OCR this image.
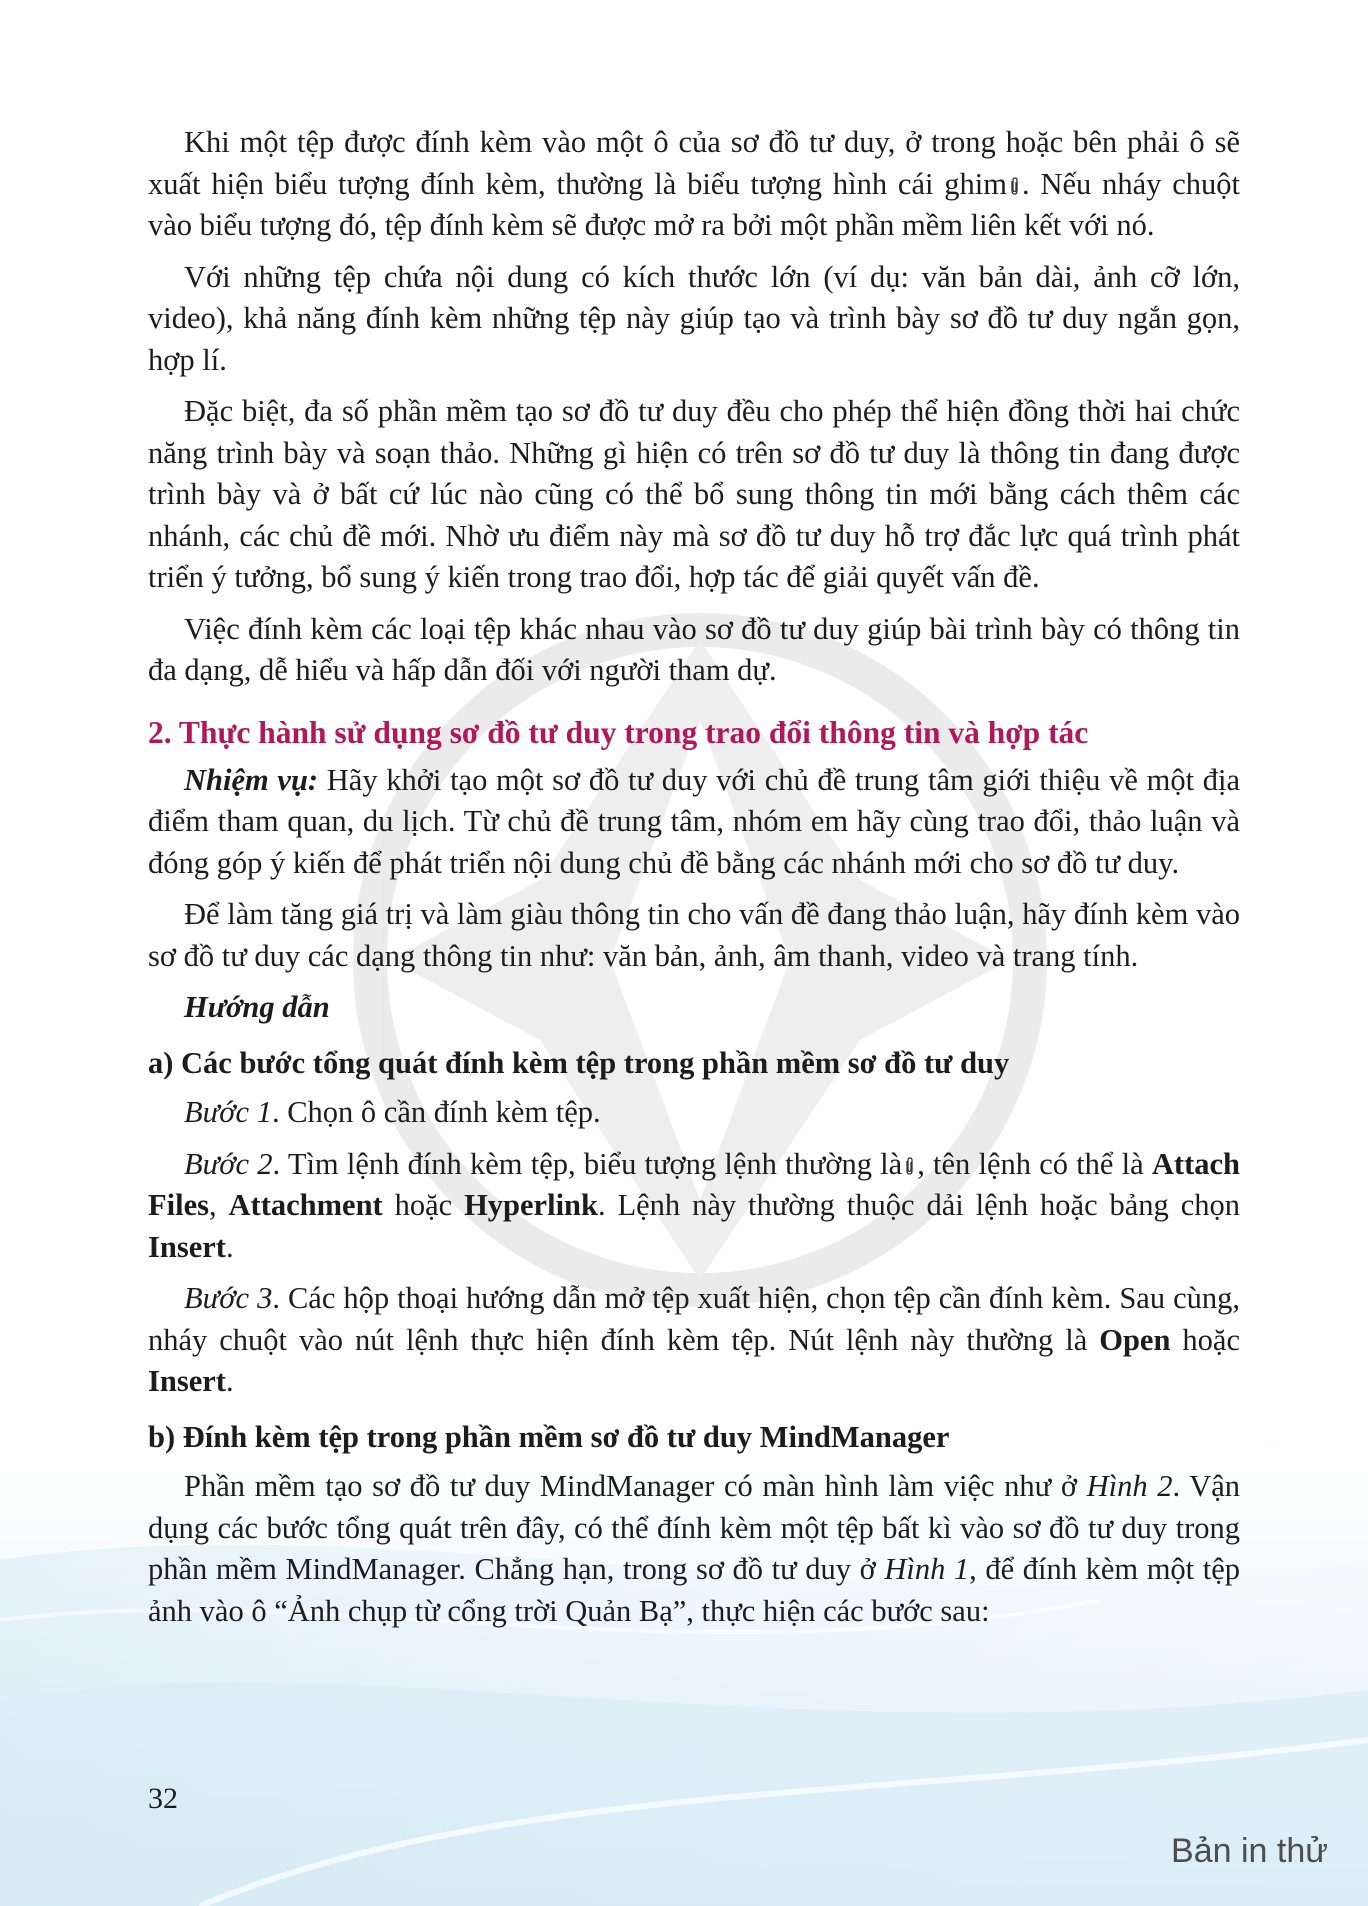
Khi một tệp được đính kèm vào một ô của sơ đồ tư duy, ở trong hoặc bên phải ô sẽ xuất hiện biểu tượng đính kèm, thường là biểu tượng hình cái ghim . Nếu nháy chuột vào biểu tượng đó, tệp đính kèm sẽ được mở ra bởi một phần mềm liên kết với nó.

Với những tệp chứa nội dung có kích thước lớn (ví dụ: văn bản dài, ảnh cỡ lớn, video), khả năng đính kèm những tệp này giúp tạo và trình bày sơ đồ tư duy ngắn gọn, hợp lí.

Đặc biệt, đa số phần mềm tạo sơ đồ tư duy đều cho phép thể hiện đồng thời hai chức năng trình bày và soạn thảo. Những gì hiện có trên sơ đồ tư duy là thông tin đang được trình bày và ở bất cứ lúc nào cũng có thể bổ sung thông tin mới bằng cách thêm các nhánh, các chủ đề mới. Nhờ ưu điểm này mà sơ đồ tư duy hỗ trợ đắc lực quá trình phát triển ý tưởng, bổ sung ý kiến trong trao đổi, hợp tác để giải quyết vấn đề.

Việc đính kèm các loại tệp khác nhau vào sơ đồ tư duy giúp bài trình bày có thông tin đa dạng, dễ hiểu và hấp dẫn đối với người tham dự.

2. Thực hành sử dụng sơ đồ tư duy trong trao đổi thông tin và hợp tác

Nhiệm vụ: Hãy khởi tạo một sơ đồ tư duy với chủ đề trung tâm giới thiệu về một địa điểm tham quan, du lịch. Từ chủ đề trung tâm, nhóm em hãy cùng trao đổi, thảo luận và đóng góp ý kiến để phát triển nội dung chủ đề bằng các nhánh mới cho sơ đồ tư duy.

Để làm tăng giá trị và làm giàu thông tin cho vấn đề đang thảo luận, hãy đính kèm vào sơ đồ tư duy các dạng thông tin như: văn bản, ảnh, âm thanh, video và trang tính.

Hướng dẫn
a) Các bước tổng quát đính kèm tệp trong phần mềm sơ đồ tư duy

Bước 1. Chọn ô cần đính kèm tệp.

Bước 2. Tìm lệnh đính kèm tệp, biểu tượng lệnh thường là , tên lệnh có thể là Attach Files, Attachment hoặc Hyperlink. Lệnh này thường thuộc dải lệnh hoặc bảng chọn Insert.

Bước 3. Các hộp thoại hướng dẫn mở tệp xuất hiện, chọn tệp cần đính kèm. Sau cùng, nháy chuột vào nút lệnh thực hiện đính kèm tệp. Nút lệnh này thường là Open hoặc Insert.

b) Đính kèm tệp trong phần mềm sơ đồ tư duy MindManager

Phần mềm tạo sơ đồ tư duy MindManager có màn hình làm việc như ở Hình 2. Vận dụng các bước tổng quát trên đây, có thể đính kèm một tệp bất kì vào sơ đồ tư duy trong phần mềm MindManager. Chẳng hạn, trong sơ đồ tư duy ở Hình 1, để đính kèm một tệp ảnh vào ô “Ảnh chụp từ cổng trời Quản Bạ”, thực hiện các bước sau:

32
Bản in thử
